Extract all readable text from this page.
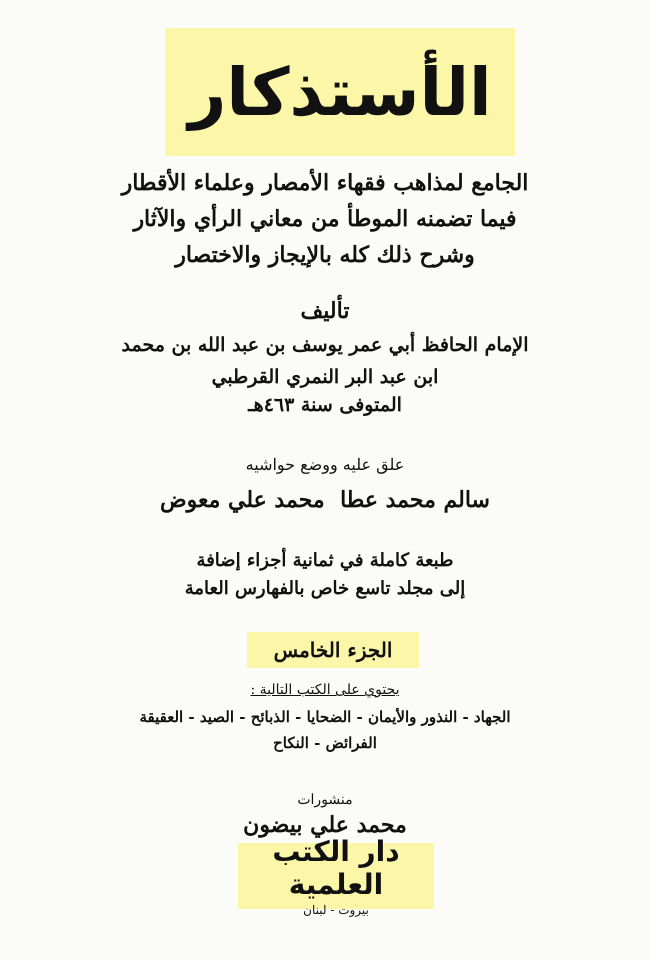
الأستذكار
الجامع لمذاهب فقهاء الأمصار وعلماء الأقطار
فيما تضمنه الموطأ من معاني الرأي والآثار
وشرح ذلك كله بالإيجاز والاختصار
تأليف
الإمام الحافظ أبي عمر يوسف بن عبد الله بن محمد
ابن عبد البر النمري القرطبي
المتوفى سنة ٤٦٣هـ
علق عليه ووضع حواشيه
سالم محمد عطا
محمد علي معوض
طبعة كاملة في ثمانية أجزاء إضافة
إلى مجلد تاسع خاص بالفهارس العامة
الجزء الخامس
يحتوي على الكتب التالية :
الجهاد - النذور والأيمان - الضحايا - الذبائح - الصيد - العقيقة
الفرائض - النكاح
منشورات
محمد علي بيضون
دار الكتب العلمية
بيروت - لبنان
